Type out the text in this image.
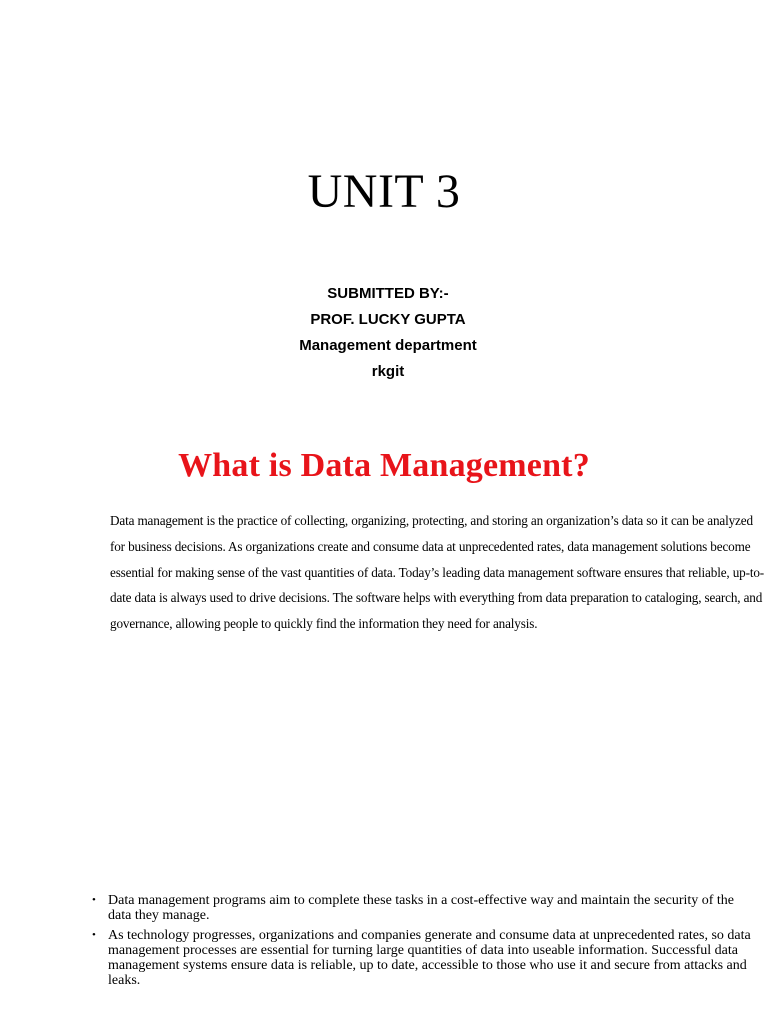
UNIT 3
SUBMITTED BY:-
PROF. LUCKY GUPTA
Management department
rkgit
What is Data Management?

Data management is the practice of collecting, organizing, protecting, and storing an organization’s data so it can be analyzed for business decisions. As organizations create and consume data at unprecedented rates, data management solutions become essential for making sense of the vast quantities of data. Today’s leading data management software ensures that reliable, up-to-date data is always used to drive decisions. The software helps with everything from data preparation to cataloging, search, and governance, allowing people to quickly find the information they need for analysis.

• Data management programs aim to complete these tasks in a cost-effective way and maintain the security of the data they manage.
• As technology progresses, organizations and companies generate and consume data at unprecedented rates, so data management processes are essential for turning large quantities of data into useable information. Successful data management systems ensure data is reliable, up to date, accessible to those who use it and secure from attacks and leaks.
